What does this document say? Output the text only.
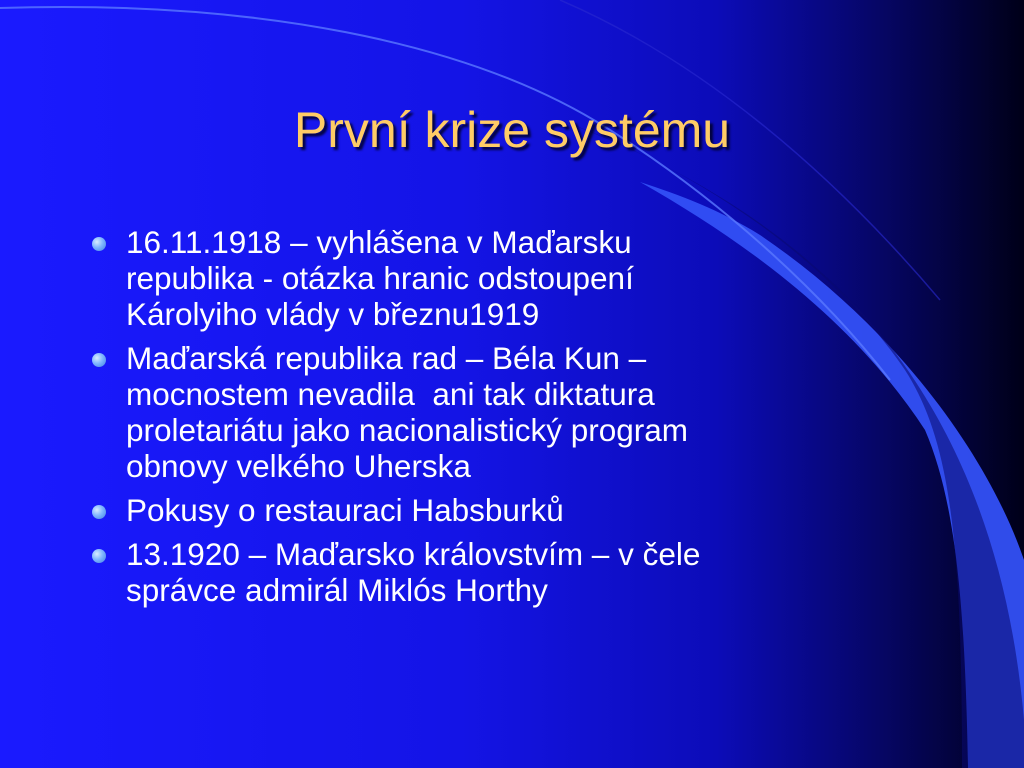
První krize systému
16.11.1918 – vyhlášena v Maďarsku
republika - otázka hranic odstoupení
Károlyiho vlády v březnu1919
Maďarská republika rad – Béla Kun –
mocnostem nevadila  ani tak diktatura
proletariátu jako nacionalistický program
obnovy velkého Uherska
Pokusy o restauraci Habsburků
13.1920 – Maďarsko královstvím – v čele
správce admirál Miklós Horthy
